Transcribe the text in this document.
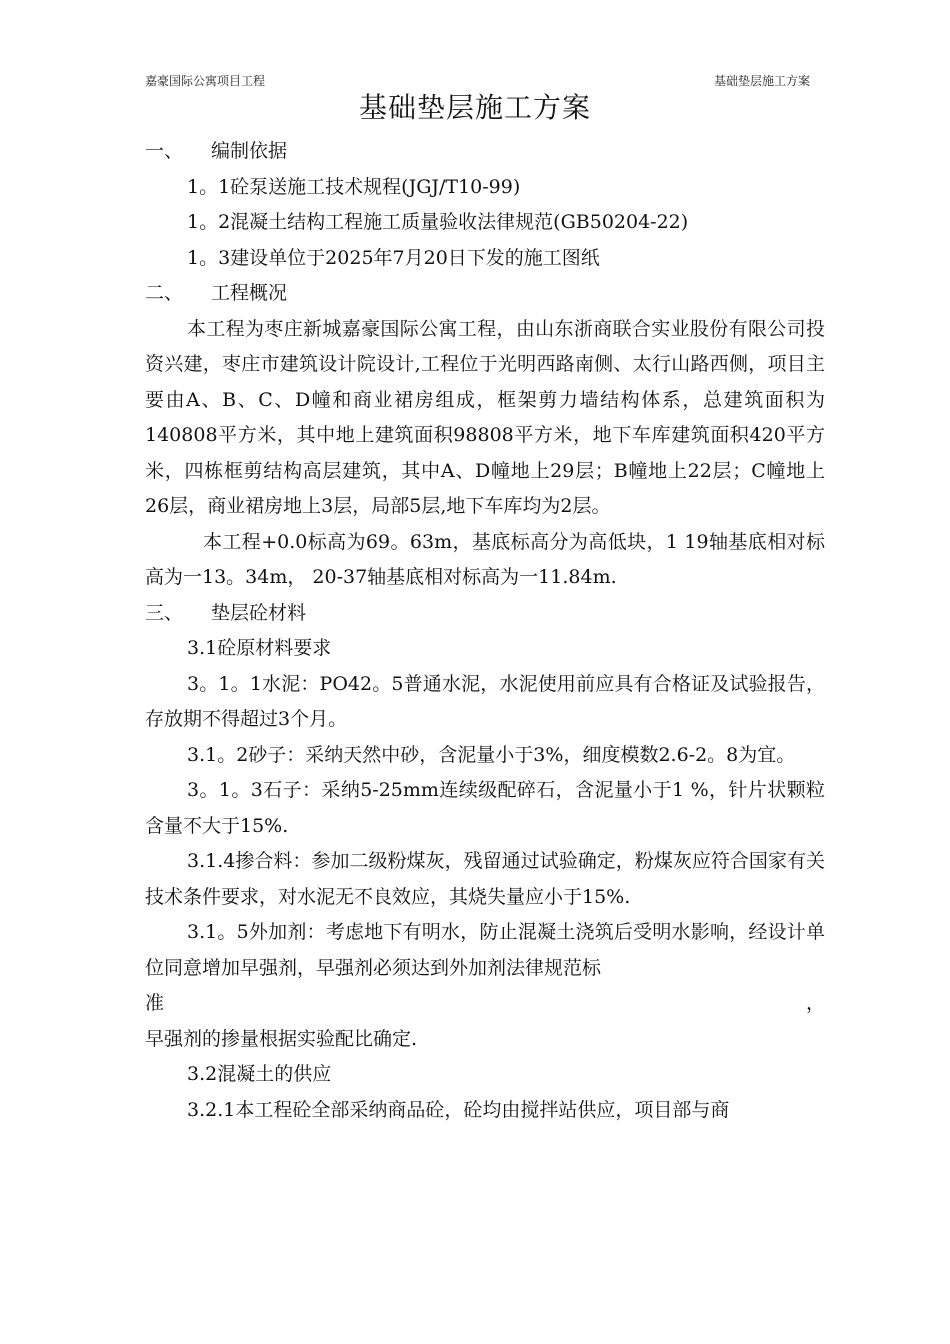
嘉豪国际公寓项目工程	基础垫层施工方案
基础垫层施工方案

一、 编制依据

1。1砼泵送施工技术规程(JGJ/T10-99)

1。2混凝土结构工程施工质量验收法律规范(GB50204-22)

1。3建设单位于2025年7月20日下发的施工图纸

二、 工程概况

本工程为枣庄新城嘉豪国际公寓工程，由山东浙商联合实业股份有限公司投资兴建，枣庄市建筑设计院设计,工程位于光明西路南侧、太行山路西侧，项目主要由A、B、C、D幢和商业裙房组成，框架剪力墙结构体系，总建筑面积为140808平方米，其中地上建筑面积98808平方米，地下车库建筑面积420平方米，四栋框剪结构高层建筑，其中A、D幢地上29层；B幢地上22层；C幢地上26层，商业裙房地上3层，局部5层,地下车库均为2层。

本工程+0.0标高为69。63m，基底标高分为高低块，1 19轴基底相对标高为一13。34m， 20-37轴基底相对标高为一11.84m.

三、 垫层砼材料

3.1砼原材料要求

3。1。1水泥：PO42。5普通水泥，水泥使用前应具有合格证及试验报告，存放期不得超过3个月。

3.1。2砂子：采纳天然中砂，含泥量小于3%，细度模数2.6-2。8为宜。

3。1。3石子：采纳5-25mm连续级配碎石，含泥量小于1 %，针片状颗粒含量不大于15%.

3.1.4掺合料：参加二级粉煤灰，残留通过试验确定，粉煤灰应符合国家有关技术条件要求，对水泥无不良效应，其烧失量应小于15%.

3.1。5外加剂：考虑地下有明水，防止混凝土浇筑后受明水影响，经设计单位同意增加早强剂，早强剂必须达到外加剂法律规范标

准	，

早强剂的掺量根据实验配比确定.

3.2混凝土的供应

3.2.1本工程砼全部采纳商品砼，砼均由搅拌站供应，项目部与商
